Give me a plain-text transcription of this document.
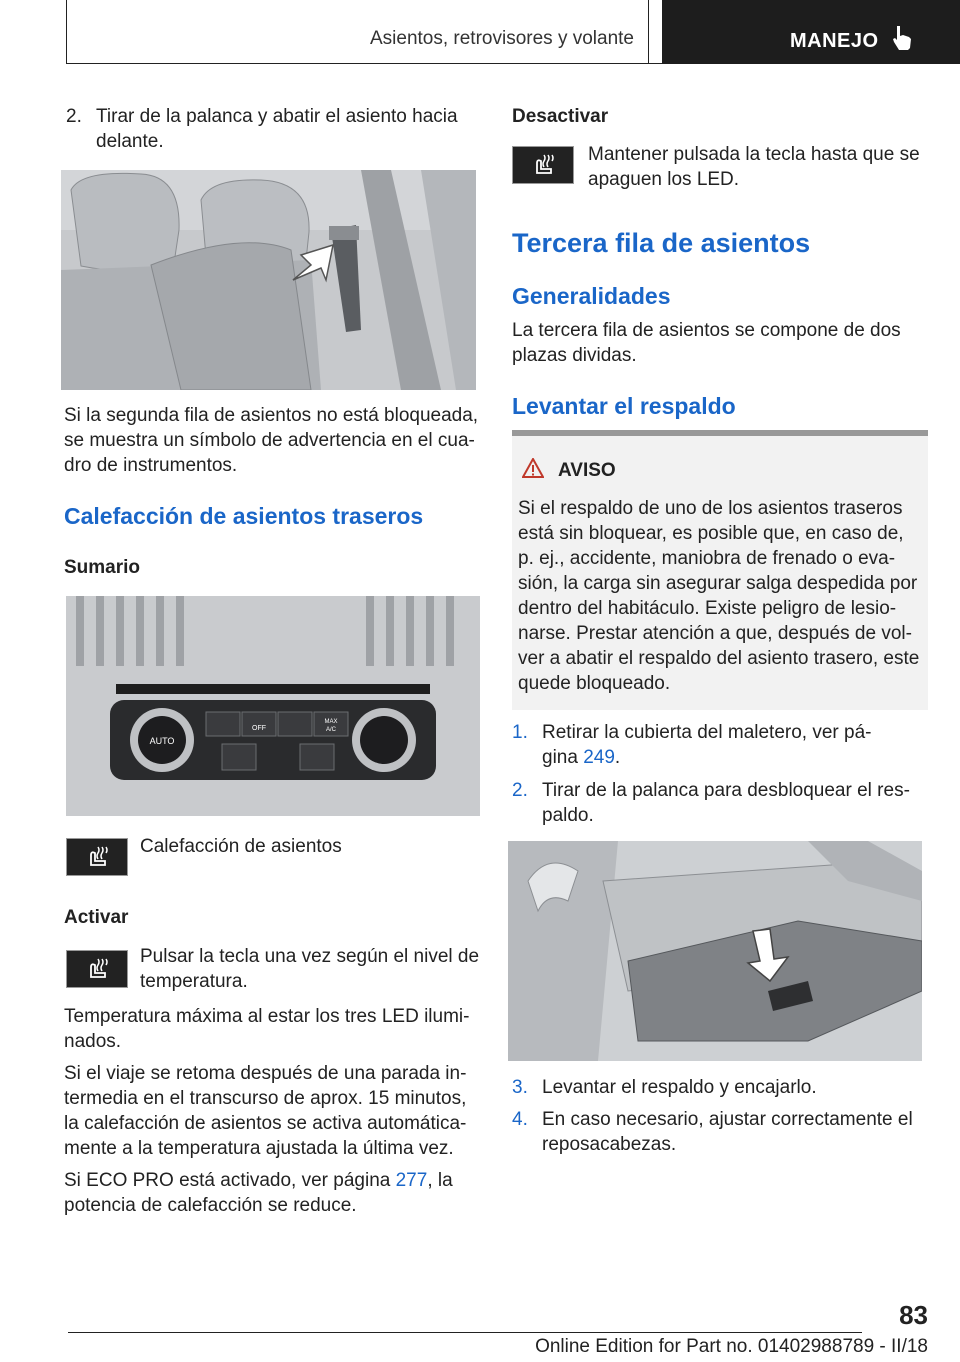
Asientos, retrovisores y volante	MANEJO
2. Tirar de la palanca y abatir el asiento hacia
delante.
Si la segunda fila de asientos no está bloqueada,
se muestra un símbolo de advertencia en el cua-
dro de instrumentos.
Calefacción de asientos traseros
Sumario
AUTO
OFF
MAX
A/C
Calefacción de asientos
Activar
Pulsar la tecla una vez según el nivel de
temperatura.
Temperatura máxima al estar los tres LED ilumi-
nados.
Si el viaje se retoma después de una parada in-
termedia en el transcurso de aprox. 15 minutos,
la calefacción de asientos se activa automática-
mente a la temperatura ajustada la última vez.
Si ECO PRO está activado, ver página 277, la
potencia de calefacción se reduce.
Desactivar
Mantener pulsada la tecla hasta que se
apaguen los LED.
Tercera fila de asientos
Generalidades
La tercera fila de asientos se compone de dos
plazas dividas.
Levantar el respaldo
AVISO
Si el respaldo de uno de los asientos traseros
está sin bloquear, es posible que, en caso de,
p. ej., accidente, maniobra de frenado o eva-
sión, la carga sin asegurar salga despedida por
dentro del habitáculo. Existe peligro de lesio-
narse. Prestar atención a que, después de vol-
ver a abatir el respaldo del asiento trasero, este
quede bloqueado.
1. Retirar la cubierta del maletero, ver pá-
gina 249.
2. Tirar de la palanca para desbloquear el res-
paldo.
3. Levantar el respaldo y encajarlo.
4. En caso necesario, ajustar correctamente el
reposacabezas.
83
Online Edition for Part no. 01402988789 - II/18
